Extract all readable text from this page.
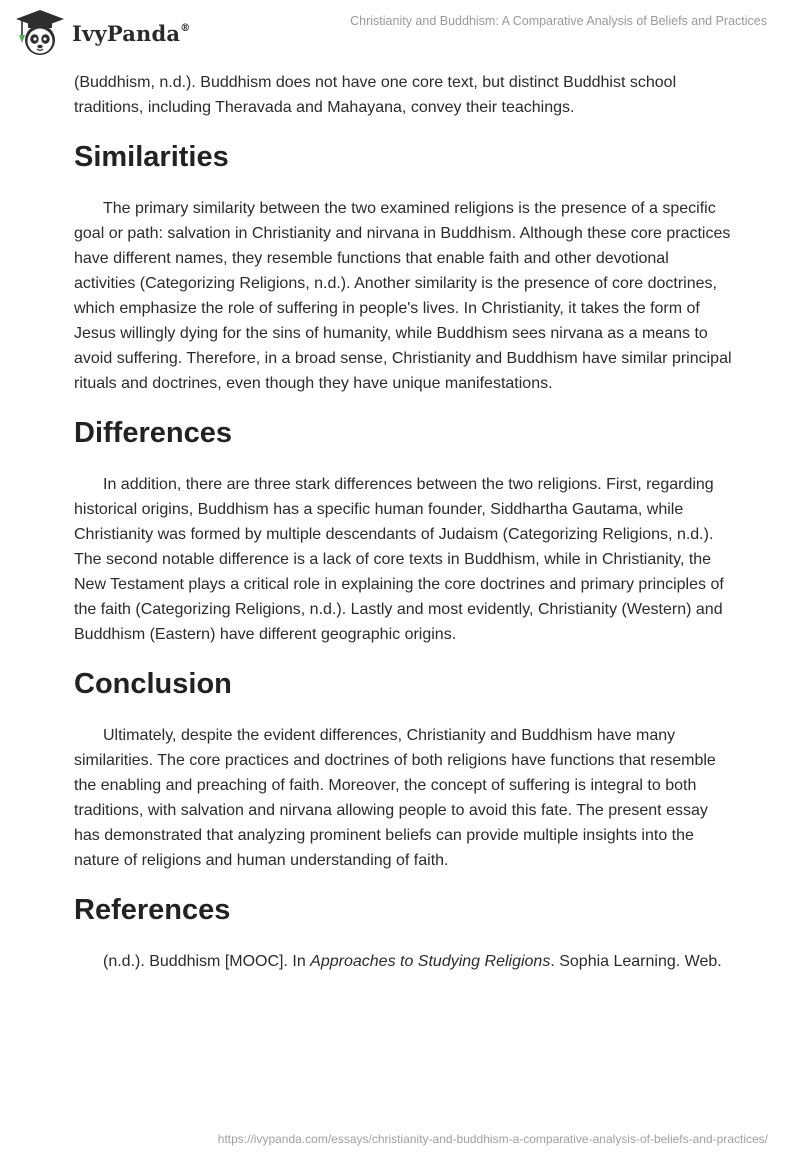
IvyPanda®	Christianity and Buddhism: A Comparative Analysis of Beliefs and Practices

(Buddhism, n.d.). Buddhism does not have one core text, but distinct Buddhist school traditions, including Theravada and Mahayana, convey their teachings.

Similarities

The primary similarity between the two examined religions is the presence of a specific goal or path: salvation in Christianity and nirvana in Buddhism. Although these core practices have different names, they resemble functions that enable faith and other devotional activities (Categorizing Religions, n.d.). Another similarity is the presence of core doctrines, which emphasize the role of suffering in people's lives. In Christianity, it takes the form of Jesus willingly dying for the sins of humanity, while Buddhism sees nirvana as a means to avoid suffering. Therefore, in a broad sense, Christianity and Buddhism have similar principal rituals and doctrines, even though they have unique manifestations.

Differences

In addition, there are three stark differences between the two religions. First, regarding historical origins, Buddhism has a specific human founder, Siddhartha Gautama, while Christianity was formed by multiple descendants of Judaism (Categorizing Religions, n.d.). The second notable difference is a lack of core texts in Buddhism, while in Christianity, the New Testament plays a critical role in explaining the core doctrines and primary principles of the faith (Categorizing Religions, n.d.). Lastly and most evidently, Christianity (Western) and Buddhism (Eastern) have different geographic origins.

Conclusion

Ultimately, despite the evident differences, Christianity and Buddhism have many similarities. The core practices and doctrines of both religions have functions that resemble the enabling and preaching of faith. Moreover, the concept of suffering is integral to both traditions, with salvation and nirvana allowing people to avoid this fate. The present essay has demonstrated that analyzing prominent beliefs can provide multiple insights into the nature of religions and human understanding of faith.

References

(n.d.). Buddhism [MOOC]. In Approaches to Studying Religions. Sophia Learning. Web.

https://ivypanda.com/essays/christianity-and-buddhism-a-comparative-analysis-of-beliefs-and-practices/
